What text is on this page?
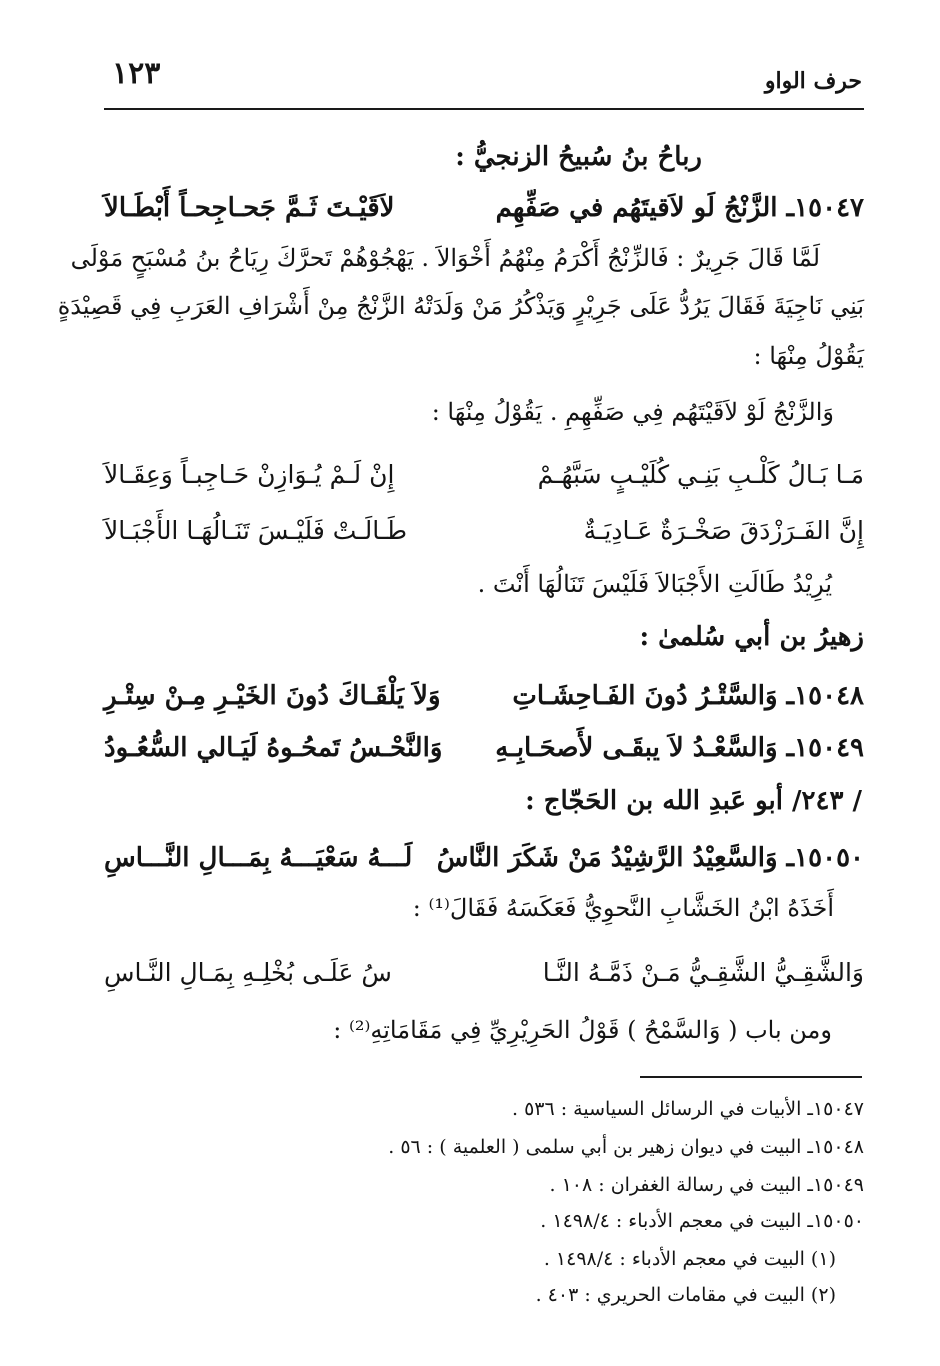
حرف الواو
١٢٣
رباحُ بنُ سُبيحُ الزنجيُّ :
١٥٠٤٧ـ الزَّنْجُ لَو لاَقيتَهُم في صَفِّهِم
لاَقَيْـتَ ثَـمَّ جَحـاجِحـاً أَبْطَـالاَ
لَمَّا قَالَ جَرِيرٌ : فَالزِّنْجُ أَكْرَمُ مِنْهُمُ أَخْوَالاَ . يَهْجُوْهُمْ تَحرَّكَ رِيَاحُ بنُ مُسْبَحٍ مَوْلَى
بَنِي نَاجِيَةَ فَقَالَ يَرُدُّ عَلَى جَرِيْرٍ وَيَذْكُرُ مَنْ وَلَدَتْهُ الزَّنْجُ مِنْ أَشْرَافِ العَرَبِ فِي قَصِيْدَةٍ
يَقُوْلُ مِنْهَا :
وَالزَّنْجُ لَوْ لاَقَيْتَهُم فِي صَفِّهِمِ . يَقُوْلُ مِنْهَا :
مَـا بَـالُ كَلْـبِ بَنِـي كُلَيْـبٍ سَبَّهُـمْ
إِنْ لَـمْ يُـوَازِنْ حَـاجِبـاً وَعِقَـالاَ
إِنَّ الفَـرَزْدَقَ صَخْـرَةٌ عَـادِيَـةٌ
طَـالَـتْ فَلَيْـسَ تَنَـالُهَـا الأَجْبَـالاَ
يُرِيْدُ طَالَتِ الأَجْبَالاَ فَلَيْسَ تَنَالُهَا أَنْتَ .
زهيرُ بن أبي سُلمىٰ :
١٥٠٤٨ـ وَالسَّتْـرُ دُونَ الفَـاحِشَـاتِ
وَلاَ يَلْقَـاكَ دُونَ الخَيْـرِ مِـنْ سِتْـرِ
١٥٠٤٩ـ وَالسَّعْـدُ لاَ يبقَـى لأَصحَـابِـهِ
وَالنَّحْـسُ تَمحُـوهُ لَيَـالي السُّعُـودُ
/ ٢٤٣/ أبو عَبدِ الله بن الحَجّاج :
١٥٠٥٠ـ وَالسَّعِيْدُ الرَّشِيْدُ مَنْ شَكَرَ النَّاسُ
لَـــهُ سَعْيَـــهُ بِمَـــالِ النَّـــاسِ
أَخَذَهُ ابْنُ الخَشَّابِ النَّحوِيُّ فَعَكَسَهُ فَقَالَ⁽¹⁾ :
وَالشَّقِـيُّ الشَّقِـيُّ مَـنْ ذَمَّـهُ النَّـا
سُ عَلَـى بُخْلِـهِ بِمَـالِ النَّـاسِ
ومن باب ( وَالسَّمْحُ ) قَوْلُ الحَرِيْرِيِّ فِي مَقَامَاتِهِ⁽²⁾ :
١٥٠٤٧ـ الأبيات في الرسائل السياسية : ٥٣٦ .
١٥٠٤٨ـ البيت في ديوان زهير بن أبي سلمى ( العلمية ) : ٥٦ .
١٥٠٤٩ـ البيت في رسالة الغفران : ١٠٨ .
١٥٠٥٠ـ البيت في معجم الأدباء : ١٤٩٨/٤ .
(١) البيت في معجم الأدباء : ١٤٩٨/٤ .
(٢) البيت في مقامات الحريري : ٤٠٣ .
